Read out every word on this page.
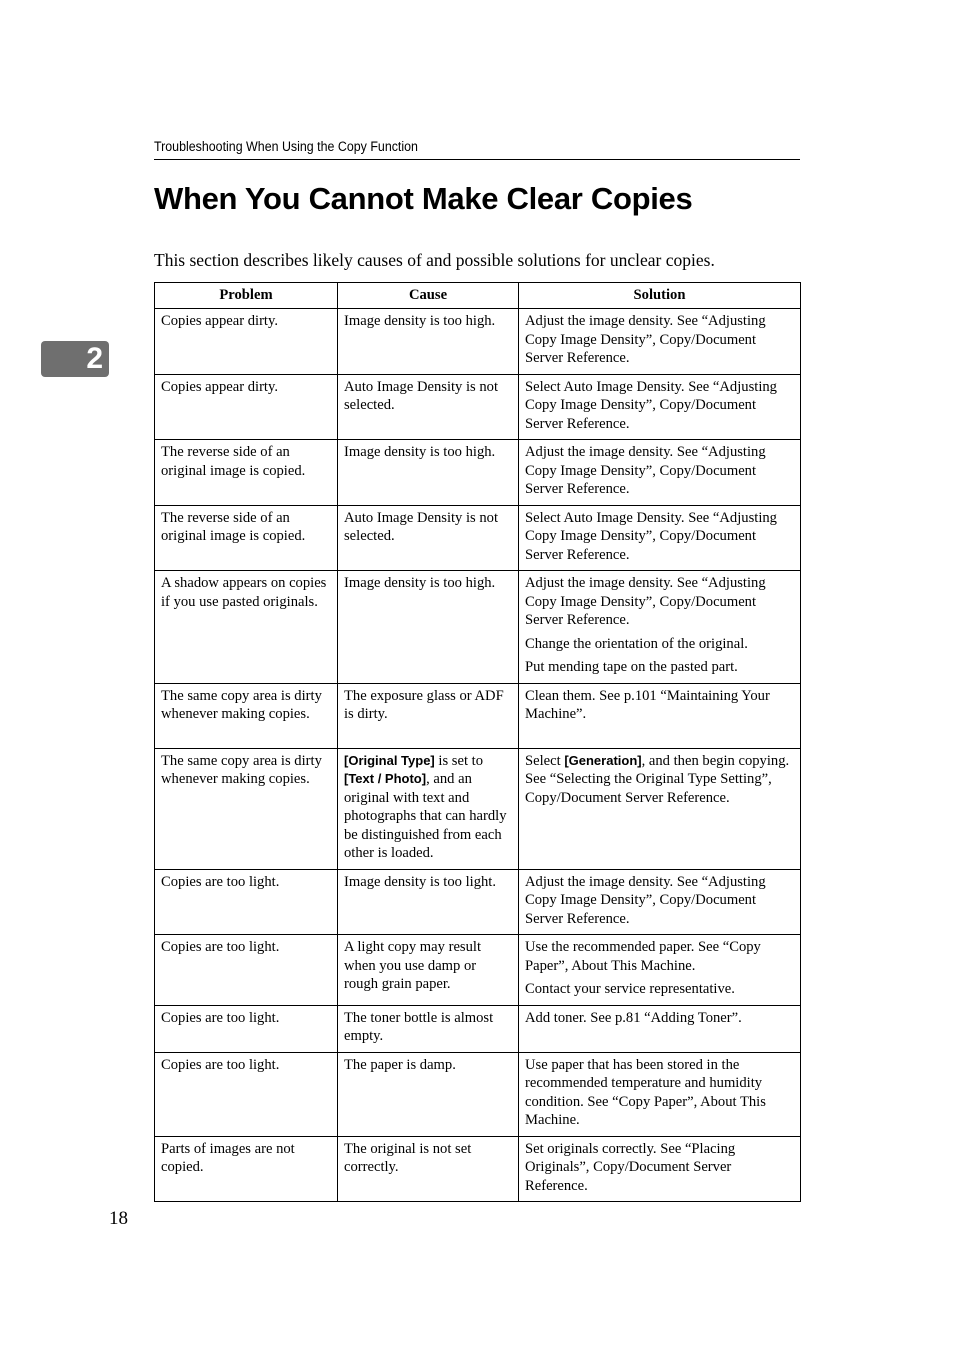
Troubleshooting When Using the Copy Function
2
When You Cannot Make Clear Copies

This section describes likely causes of and possible solutions for unclear copies.

Problem	Cause	Solution
Copies appear dirty.	Image density is too high.	Adjust the image density. See “Adjusting Copy Image Density”, Copy/Document Server Reference.

Copies appear dirty.	Auto Image Density is not selected.	Select Auto Image Density. See “Adjusting Copy Image Density”, Copy/Document Server Reference.

The reverse side of an original image is copied.	Image density is too high.	Adjust the image density. See “Adjusting Copy Image Density”, Copy/Document Server Reference.

The reverse side of an original image is copied.	Auto Image Density is not selected.	Select Auto Image Density. See “Adjusting Copy Image Density”, Copy/Document Server Reference.

A shadow appears on copies if you use pasted originals.	Image density is too high.	Adjust the image density. See “Adjusting Copy Image Density”, Copy/Document Server Reference.
Change the orientation of the original.
Put mending tape on the pasted part.

The same copy area is dirty whenever making copies.	The exposure glass or ADF is dirty.	Clean them. See p.101 “Maintaining Your Machine”.

The same copy area is dirty whenever making copies.	[Original Type] is set to [Text / Photo], and an original with text and photographs that can hardly be distinguished from each other is loaded.	Select [Generation], and then begin copying. See “Selecting the Original Type Setting”, Copy/Document Server Reference.
Copies are too light.	Image density is too light.	Adjust the image density. See “Adjusting Copy Image Density”, Copy/Document Server Reference.

Copies are too light.	A light copy may result when you use damp or rough grain paper.	Use the recommended paper. See “Copy Paper”, About This Machine.
Contact your service representative.

Copies are too light.	The toner bottle is almost empty.	Add toner. See p.81 “Adding Toner”.

Copies are too light.	The paper is damp.	Use paper that has been stored in the recommended temperature and humidity condition. See “Copy Paper”, About This Machine.

Parts of images are not copied.	The original is not set correctly.	Set originals correctly. See “Placing Originals”, Copy/Document Server Reference.
18
